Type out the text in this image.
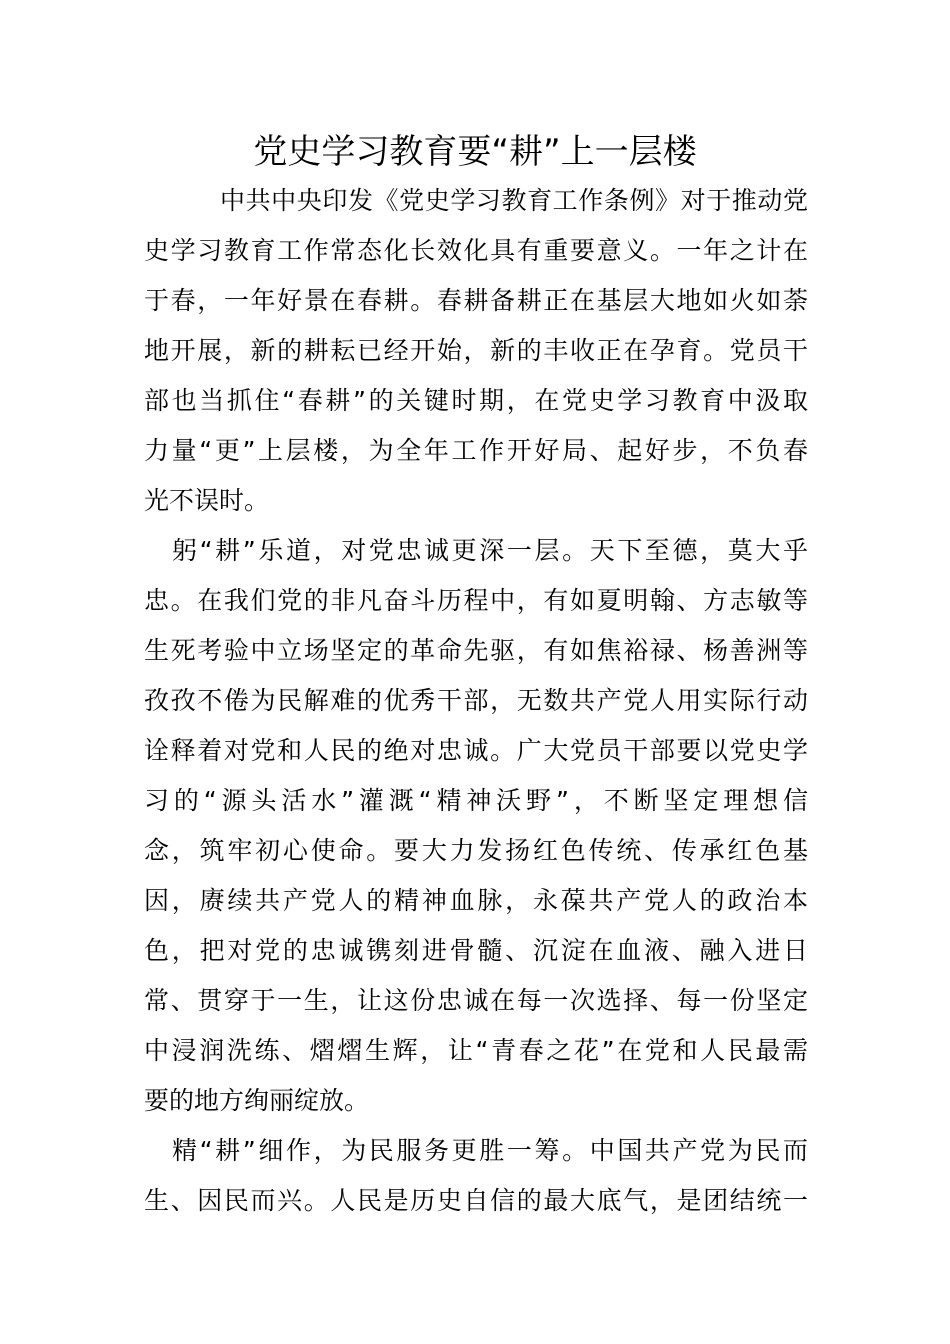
党史学习教育要“耕”上一层楼
中共中央印发《党史学习教育工作条例》对于推动党
史学习教育工作常态化长效化具有重要意义。一年之计在
于春，一年好景在春耕。春耕备耕正在基层大地如火如荼
地开展，新的耕耘已经开始，新的丰收正在孕育。党员干
部也当抓住“春耕”的关键时期，在党史学习教育中汲取
力量“更”上层楼，为全年工作开好局、起好步，不负春
光不误时。
躬“耕”乐道，对党忠诚更深一层。天下至德，莫大乎
忠。在我们党的非凡奋斗历程中，有如夏明翰、方志敏等
生死考验中立场坚定的革命先驱，有如焦裕禄、杨善洲等
孜孜不倦为民解难的优秀干部，无数共产党人用实际行动
诠释着对党和人民的绝对忠诚。广大党员干部要以党史学
习的“源头活水”灌溉“精神沃野”，不断坚定理想信
念，筑牢初心使命。要大力发扬红色传统、传承红色基
因，赓续共产党人的精神血脉，永葆共产党人的政治本
色，把对党的忠诚镌刻进骨髓、沉淀在血液、融入进日
常、贯穿于一生，让这份忠诚在每一次选择、每一份坚定
中浸润洗练、熠熠生辉，让“青春之花”在党和人民最需
要的地方绚丽绽放。
精“耕”细作，为民服务更胜一筹。中国共产党为民而
生、因民而兴。人民是历史自信的最大底气，是团结统一
